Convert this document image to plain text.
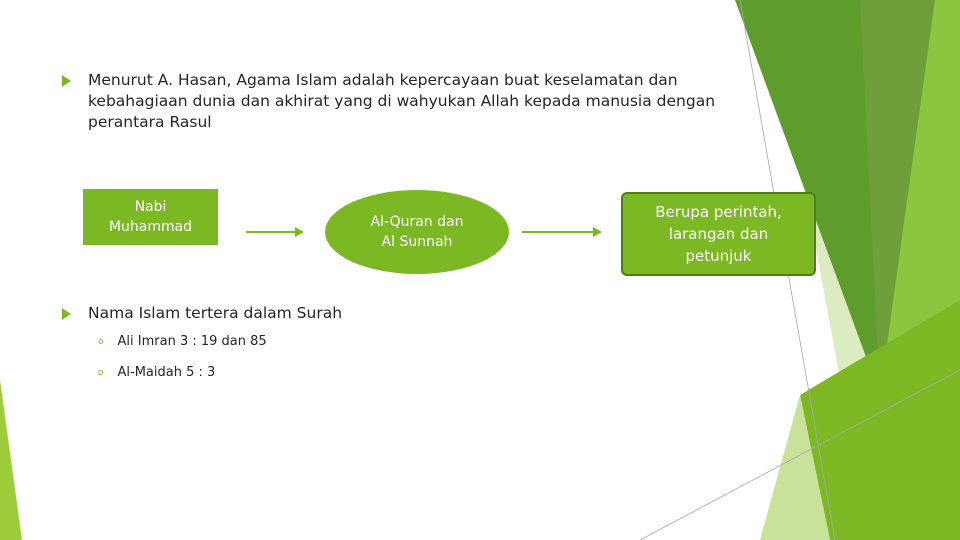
Menurut A. Hasan, Agama Islam adalah kepercayaan buat keselamatan dan kebahagiaan dunia dan akhirat yang di wahyukan Allah kepada manusia dengan perantara Rasul
Nabi
Muhammad	Al-Quran dan
Al Sunnah
Berupa perintah,
larangan dan
petunjuk
Nama Islam tertera dalam Surah
o Ali Imran 3 : 19 dan 85
o Al-Maidah 5 : 3
